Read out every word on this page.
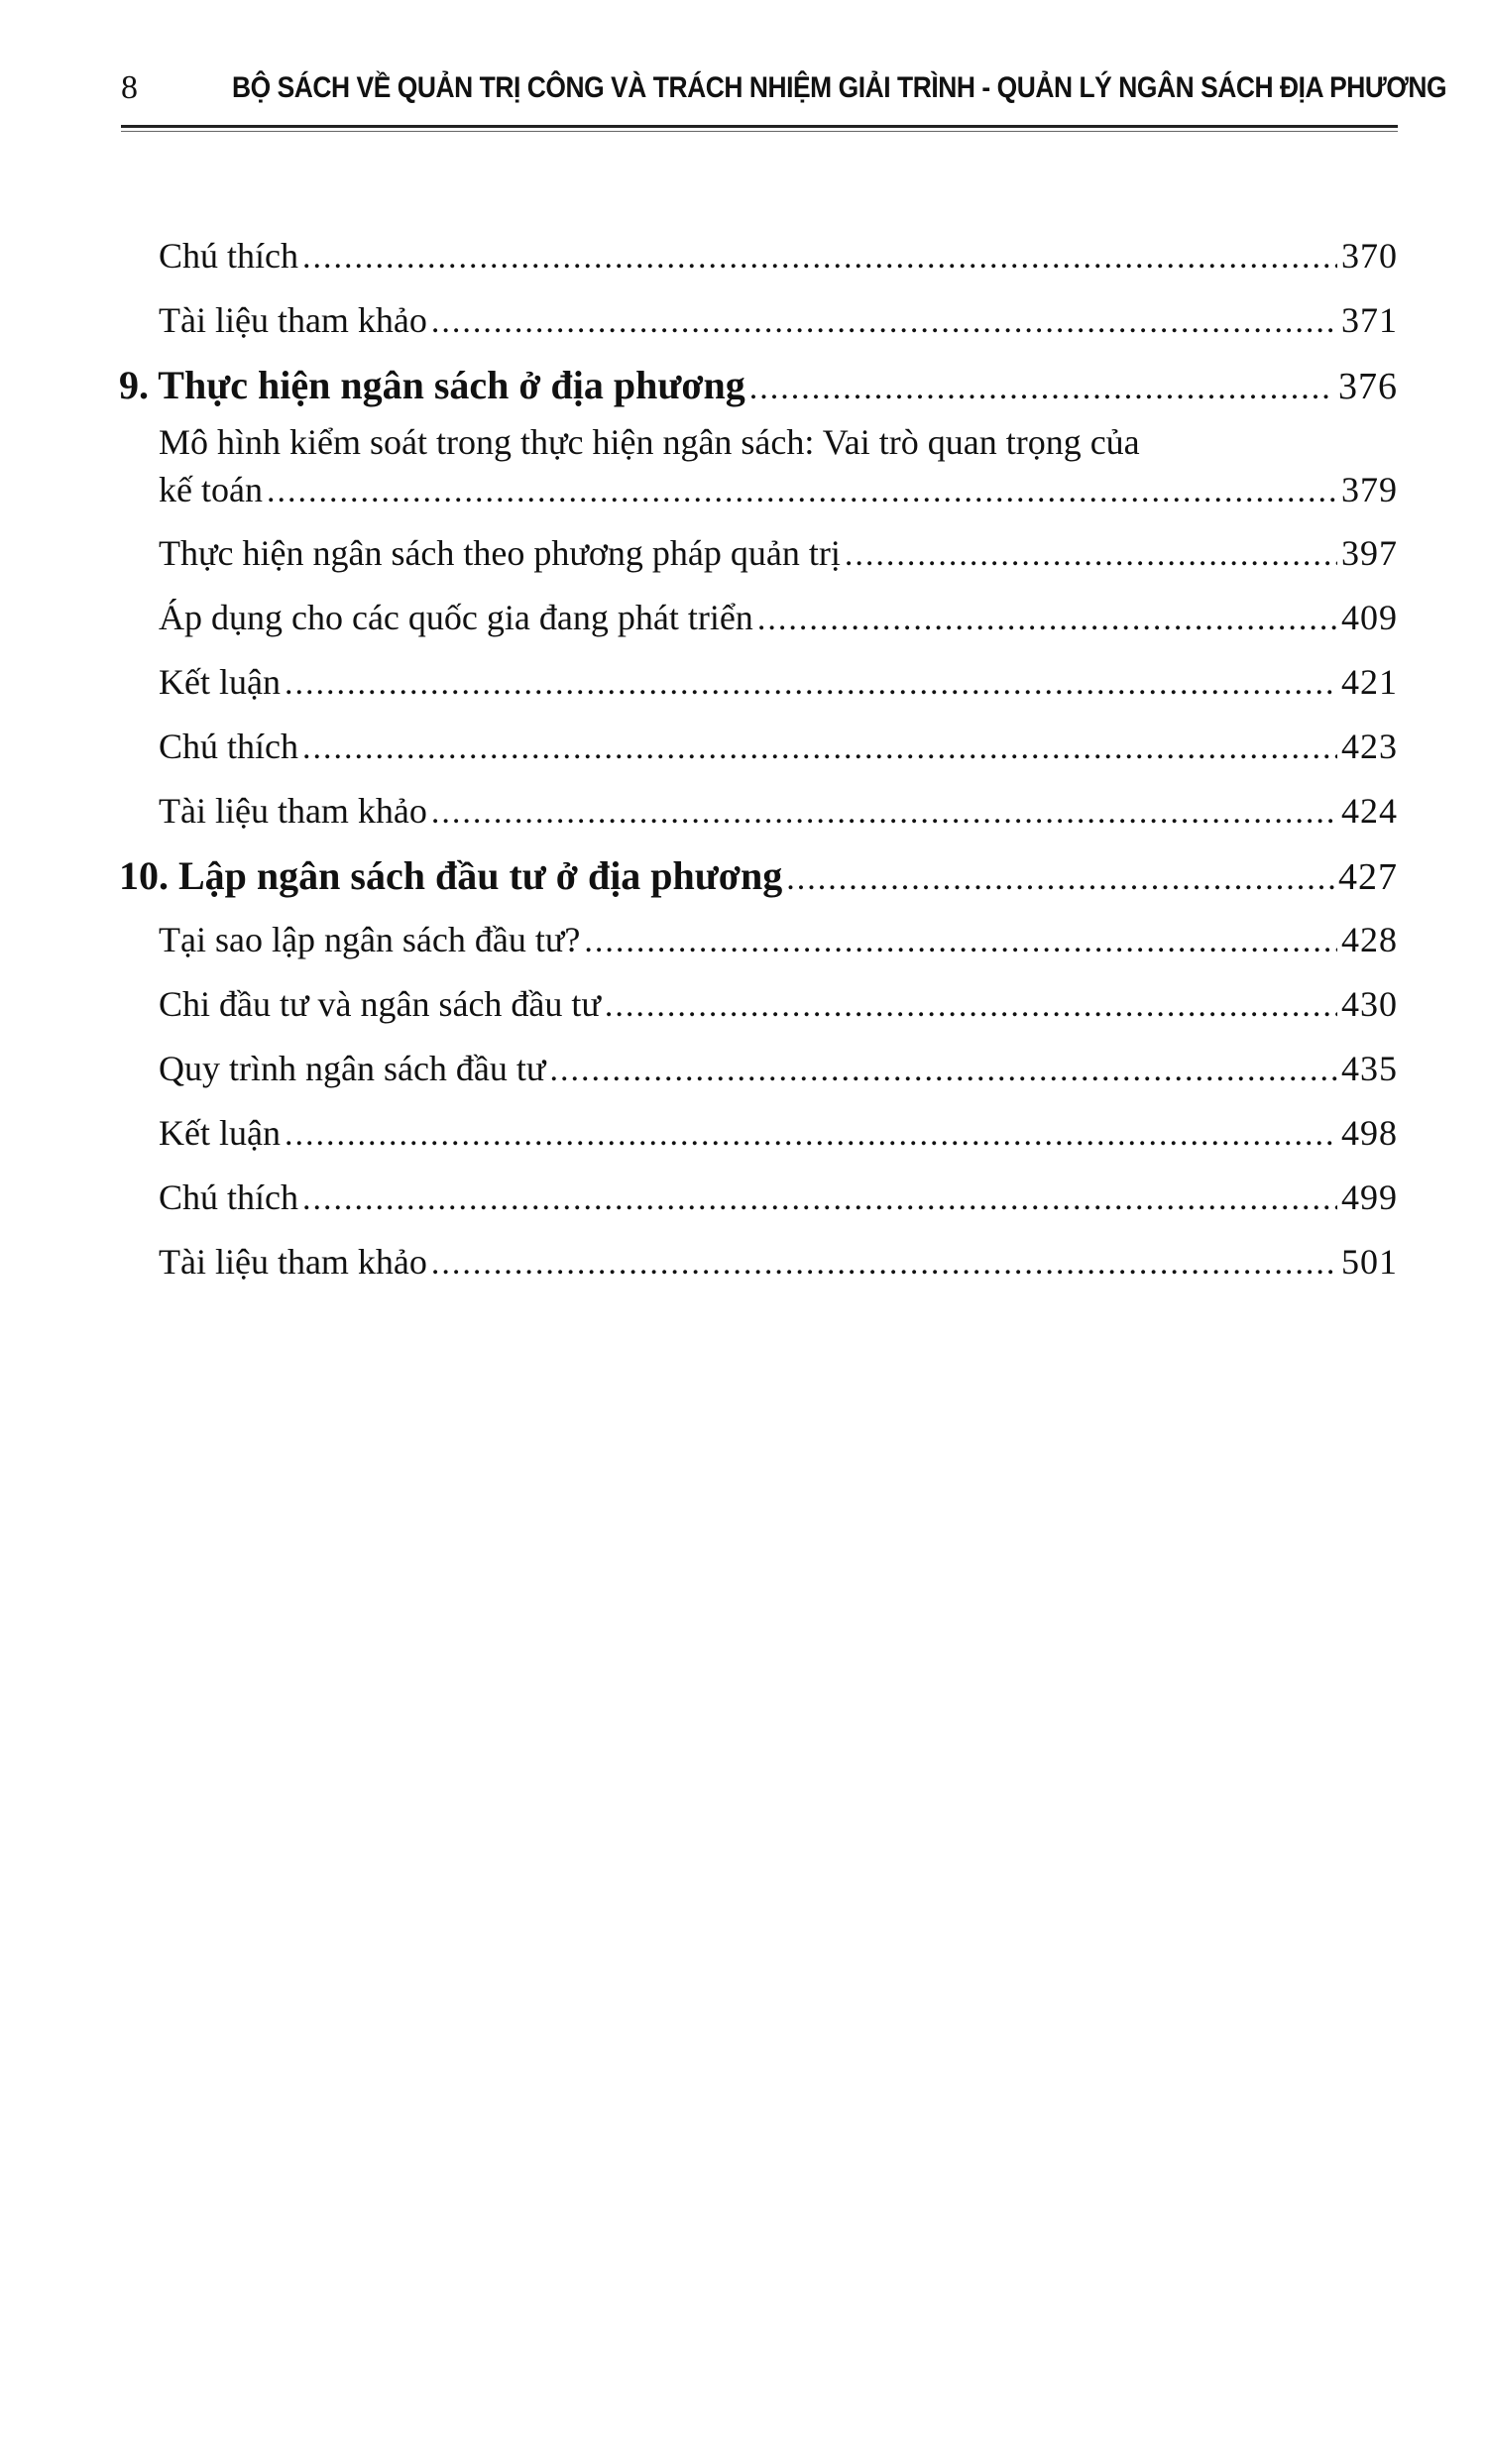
8	BỘ SÁCH VỀ QUẢN TRỊ CÔNG VÀ TRÁCH NHIỆM GIẢI TRÌNH - QUẢN LÝ NGÂN SÁCH ĐỊA PHƯƠNG
Chú thích .....	370
Tài liệu tham khảo .....	371
9. Thực hiện ngân sách ở địa phương .....	376
Mô hình kiểm soát trong thực hiện ngân sách: Vai trò quan trọng của
kế toán .....	379
Thực hiện ngân sách theo phương pháp quản trị .....	397
Áp dụng cho các quốc gia đang phát triển .....	409
Kết luận .....	421
Chú thích .....	423
Tài liệu tham khảo .....	424
10. Lập ngân sách đầu tư ở địa phương .....	427
Tại sao lập ngân sách đầu tư? .....	428
Chi đầu tư và ngân sách đầu tư .....	430
Quy trình ngân sách đầu tư .....	435
Kết luận .....	498
Chú thích .....	499
Tài liệu tham khảo .....	501
